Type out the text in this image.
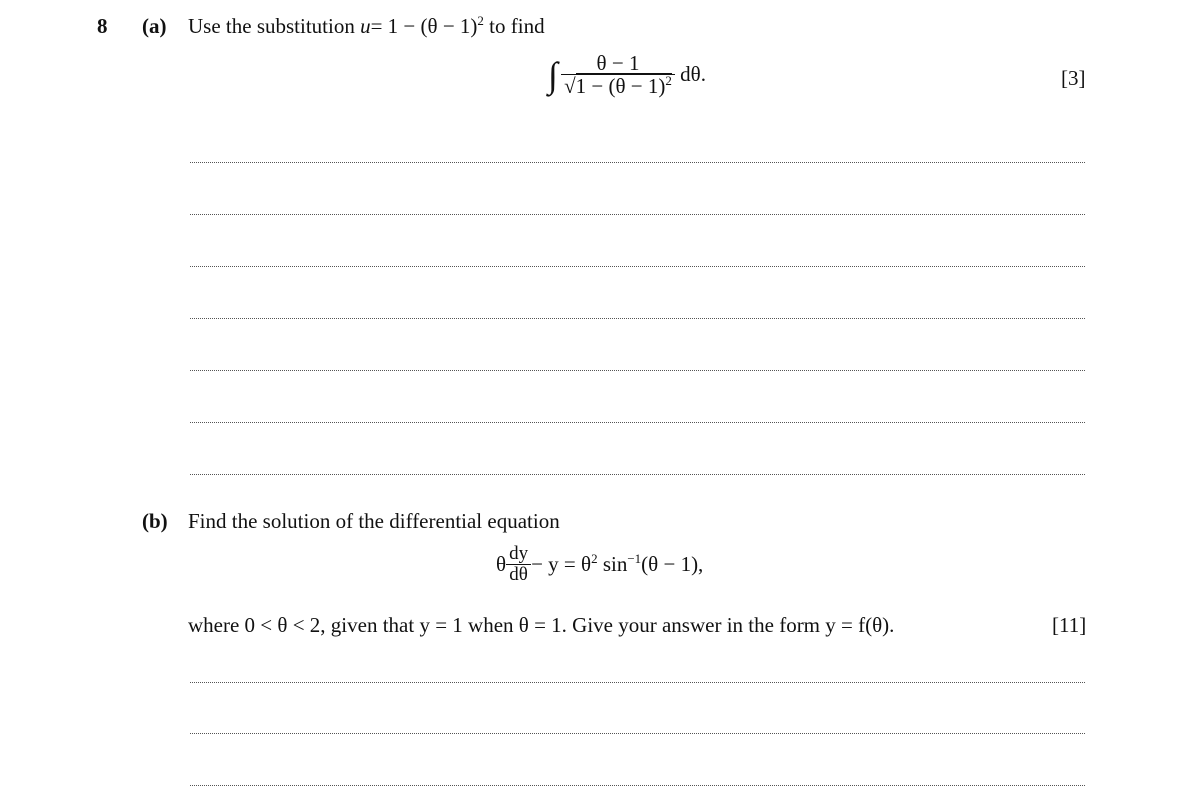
8 (a) Use the substitution $u= 1 - (\theta - 1)^2$ to find
∫ $\frac{\theta - 1}{√1 - (\theta - 1)^2} d\theta$.	[3]
(b) Find the solution of the differential equation
θ $\frac{dy}{d\theta} - y = \theta^2$ $\sin^{-1}(\theta - 1)$,
where 0 < θ < 2, given that y = 1 when θ = 1. Give your answer in the form y = f(θ).	[11]
